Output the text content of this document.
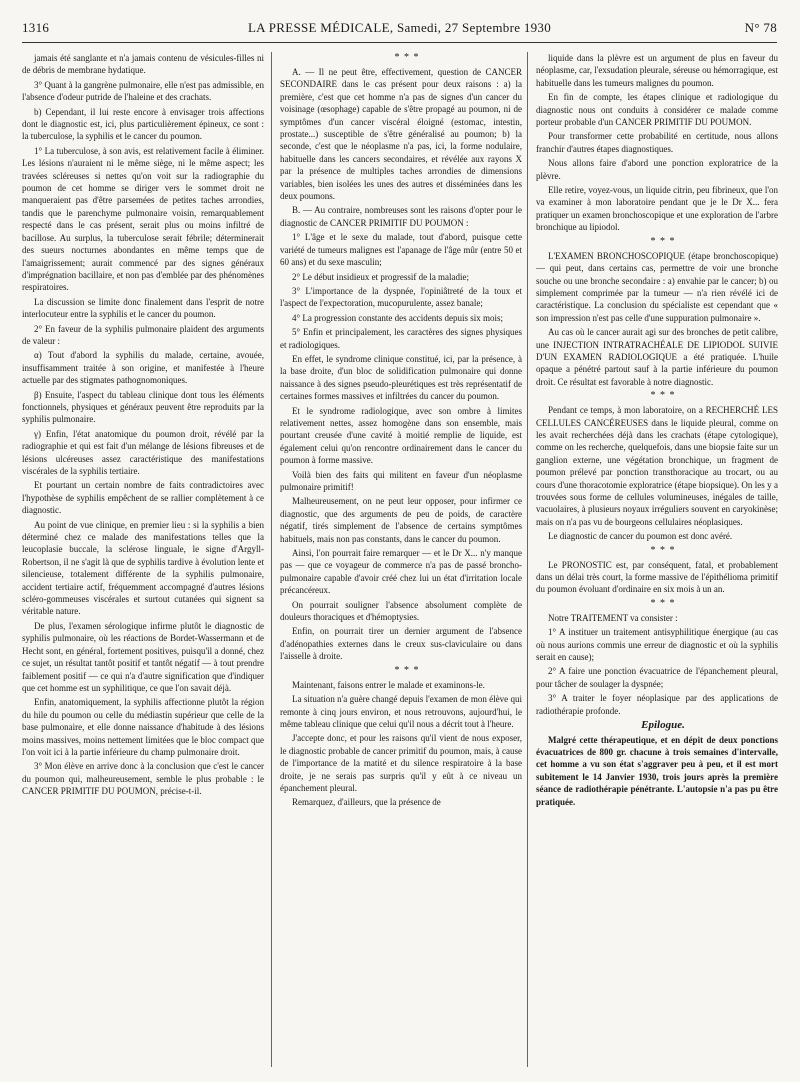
1316	LA PRESSE MÉDICALE, Samedi, 27 Septembre 1930	N° 78

jamais été sanglante et n'a jamais contenu de vésicules-filles ni de débris de membrane hydatique.

3° Quant à la gangrène pulmonaire, elle n'est pas admissible, en l'absence d'odeur putride de l'haleine et des crachats.

b) Cependant, il lui reste encore à envisager trois affections dont le diagnostic est, ici, plus particulièrement épineux, ce sont : la tuberculose, la syphilis et le cancer du poumon.

1° La tuberculose, à son avis, est relativement facile à éliminer. Les lésions n'auraient ni le même siège, ni le même aspect; les travées scléreuses si nettes qu'on voit sur la radiographie du poumon de cet homme se diriger vers le sommet droit ne manqueraient pas d'être parsemées de petites taches arrondies, tandis que le parenchyme pulmonaire voisin, remarquablement respecté dans le cas présent, serait plus ou moins infiltré de bacillose. Au surplus, la tuberculose serait fébrile; déterminerait des sueurs nocturnes abondantes en même temps que de l'amaigrissement; aurait commencé par des signes généraux d'imprégnation bacillaire, et non pas d'emblée par des phénomènes respiratoires.

La discussion se limite donc finalement dans l'esprit de notre interlocuteur entre la syphilis et le cancer du poumon.

2° En faveur de la syphilis pulmonaire plaident des arguments de valeur :

α) Tout d'abord la syphilis du malade, certaine, avouée, insuffisamment traitée à son origine, et manifestée à l'heure actuelle par des stigmates pathognomoniques.

β) Ensuite, l'aspect du tableau clinique dont tous les éléments fonctionnels, physiques et généraux peuvent être reproduits par la syphilis pulmonaire.

γ) Enfin, l'état anatomique du poumon droit, révélé par la radiographie et qui est fait d'un mélange de lésions fibreuses et de lésions ulcéreuses assez caractéristique des manifestations viscérales de la syphilis tertiaire.

Et pourtant un certain nombre de faits contradictoires avec l'hypothèse de syphilis empêchent de se rallier complètement à ce diagnostic.

Au point de vue clinique, en premier lieu : si la syphilis a bien déterminé chez ce malade des manifestations telles que la leucoplasie buccale, la sclérose linguale, le signe d'Argyll-Robertson, il ne s'agit là que de syphilis tardive à évolution lente et silencieuse, totalement différente de la syphilis pulmonaire, accident tertiaire actif, fréquemment accompagné d'autres lésions scléro-gommeuses viscérales et surtout cutanées qui signent sa véritable nature.

De plus, l'examen sérologique infirme plutôt le diagnostic de syphilis pulmonaire, où les réactions de Bordet-Wassermann et de Hecht sont, en général, fortement positives, puisqu'il a donné, chez ce sujet, un résultat tantôt positif et tantôt négatif — à tout prendre faiblement positif — ce qui n'a d'autre signification que d'indiquer que cet homme est un syphilitique, ce que l'on savait déjà.

Enfin, anatomiquement, la syphilis affectionne plutôt la région du hile du poumon ou celle du médiastin supérieur que celle de la base pulmonaire, et elle donne naissance d'habitude à des lésions moins massives, moins nettement limitées que le bloc compact que l'on voit ici à la partie inférieure du champ pulmonaire droit.

3° Mon élève en arrive donc à la conclusion que c'est le cancer du poumon qui, malheureusement, semble le plus probable : le CANCER PRIMITIF DU POUMON, précise-t-il.

* * *

A. — Il ne peut être, effectivement, question de CANCER SECONDAIRE dans le cas présent pour deux raisons : a) la première, c'est que cet homme n'a pas de signes d'un cancer du voisinage (œsophage) capable de s'être propagé au poumon, ni de symptômes d'un cancer viscéral éloigné (estomac, intestin, prostate...) susceptible de s'être généralisé au poumon; b) la seconde, c'est que le néoplasme n'a pas, ici, la forme nodulaire, habituelle dans les cancers secondaires, et révélée aux rayons X par la présence de multiples taches arrondies de dimensions variables, bien isolées les unes des autres et disséminées dans les deux poumons.

B. — Au contraire, nombreuses sont les raisons d'opter pour le diagnostic de CANCER PRIMITIF DU POUMON :

1° L'âge et le sexe du malade, tout d'abord, puisque cette variété de tumeurs malignes est l'apanage de l'âge mûr (entre 50 et 60 ans) et du sexe masculin;

2° Le début insidieux et progressif de la maladie;

3° L'importance de la dyspnée, l'opiniâtreté de la toux et l'aspect de l'expectoration, mucopurulente, assez banale;

4° La progression constante des accidents depuis six mois;

5° Enfin et principalement, les caractères des signes physiques et radiologiques.

En effet, le syndrome clinique constitué, ici, par la présence, à la base droite, d'un bloc de solidification pulmonaire qui donne naissance à des signes pseudo-pleurétiques est très représentatif de certaines formes massives et infiltrées du cancer du poumon.

Et le syndrome radiologique, avec son ombre à limites relativement nettes, assez homogène dans son ensemble, mais pourtant creusée d'une cavité à moitié remplie de liquide, est également celui qu'on rencontre ordinairement dans le cancer du poumon à forme massive.

Voilà bien des faits qui militent en faveur d'un néoplasme pulmonaire primitif!

Malheureusement, on ne peut leur opposer, pour infirmer ce diagnostic, que des arguments de peu de poids, de caractère négatif, tirés simplement de l'absence de certains symptômes habituels, mais non pas constants, dans le cancer du poumon.

Ainsi, l'on pourrait faire remarquer — et le Dr X... n'y manque pas — que ce voyageur de commerce n'a pas de passé broncho-pulmonaire capable d'avoir créé chez lui un état d'irritation locale précancéreux.

On pourrait souligner l'absence absolument complète de douleurs thoraciques et d'hémoptysies.

Enfin, on pourrait tirer un dernier argument de l'absence d'adénopathies externes dans le creux sus-claviculaire ou dans l'aisselle à droite.

* * *

Maintenant, faisons entrer le malade et examinons-le.

La situation n'a guère changé depuis l'examen de mon élève qui remonte à cinq jours environ, et nous retrouvons, aujourd'hui, le même tableau clinique que celui qu'il nous a décrit tout à l'heure.

J'accepte donc, et pour les raisons qu'il vient de nous exposer, le diagnostic probable de cancer primitif du poumon, mais, à cause de l'importance de la matité et du silence respiratoire à la base droite, je ne serais pas surpris qu'il y eût à ce niveau un épanchement pleural.

Remarquez, d'ailleurs, que la présence de

liquide dans la plèvre est un argument de plus en faveur du néoplasme, car, l'exsudation pleurale, séreuse ou hémorragique, est habituelle dans les tumeurs malignes du poumon.

En fin de compte, les étapes clinique et radiologique du diagnostic nous ont conduits à considérer ce malade comme porteur probable d'un CANCER PRIMITIF DU POUMON.

Pour transformer cette probabilité en certitude, nous allons franchir d'autres étapes diagnostiques.

Nous allons faire d'abord une ponction exploratrice de la plèvre.

Elle retire, voyez-vous, un liquide citrin, peu fibrineux, que l'on va examiner à mon laboratoire pendant que je le Dr X... fera pratiquer un examen bronchoscopique et une exploration de l'arbre bronchique au lipiodol.

* * *

L'EXAMEN BRONCHOSCOPIQUE (étape bronchoscopique) — qui peut, dans certains cas, permettre de voir une bronche souche ou une bronche secondaire : a) envahie par le cancer; b) ou simplement comprimée par la tumeur — n'a rien révélé ici de caractéristique. La conclusion du spécialiste est cependant que « son impression n'est pas celle d'une suppuration pulmonaire ».

Au cas où le cancer aurait agi sur des bronches de petit calibre, une INJECTION INTRATRACHÉALE DE LIPIODOL SUIVIE D'UN EXAMEN RADIOLOGIQUE a été pratiquée. L'huile opaque a pénétré partout sauf à la partie inférieure du poumon droit. Ce résultat est favorable à notre diagnostic.

* * *

Pendant ce temps, à mon laboratoire, on a RECHERCHÉ LES CELLULES CANCÉREUSES dans le liquide pleural, comme on les avait recherchées déjà dans les crachats (étape cytologique), comme on les recherche, quelquefois, dans une biopsie faite sur un ganglion externe, une végétation bronchique, un fragment de poumon prélevé par ponction transthoracique au trocart, ou au cours d'une thoracotomie exploratrice (étape biopsique). On les y a trouvées sous forme de cellules volumineuses, inégales de taille, vacuolaires, à plusieurs noyaux irréguliers souvent en caryokinèse; mais on n'a pas vu de bourgeons cellulaires néoplasiques.

Le diagnostic de cancer du poumon est donc avéré.

* * *

Le PRONOSTIC est, par conséquent, fatal, et probablement dans un délai très court, la forme massive de l'épithélioma primitif du poumon évoluant d'ordinaire en six mois à un an.

* * *

Notre TRAITEMENT va consister :

1° A instituer un traitement antisyphilitique énergique (au cas où nous aurions commis une erreur de diagnostic et où la syphilis serait en cause);

2° A faire une ponction évacuatrice de l'épanchement pleural, pour tâcher de soulager la dyspnée;

3° A traiter le foyer néoplasique par des applications de radiothérapie profonde.

Epilogue.

Malgré cette thérapeutique, et en dépit de deux ponctions évacuatrices de 800 gr. chacune à trois semaines d'intervalle, cet homme a vu son état s'aggraver peu à peu, et il est mort subitement le 14 Janvier 1930, trois jours après la première séance de radiothérapie pénétrante. L'autopsie n'a pas pu être pratiquée.
